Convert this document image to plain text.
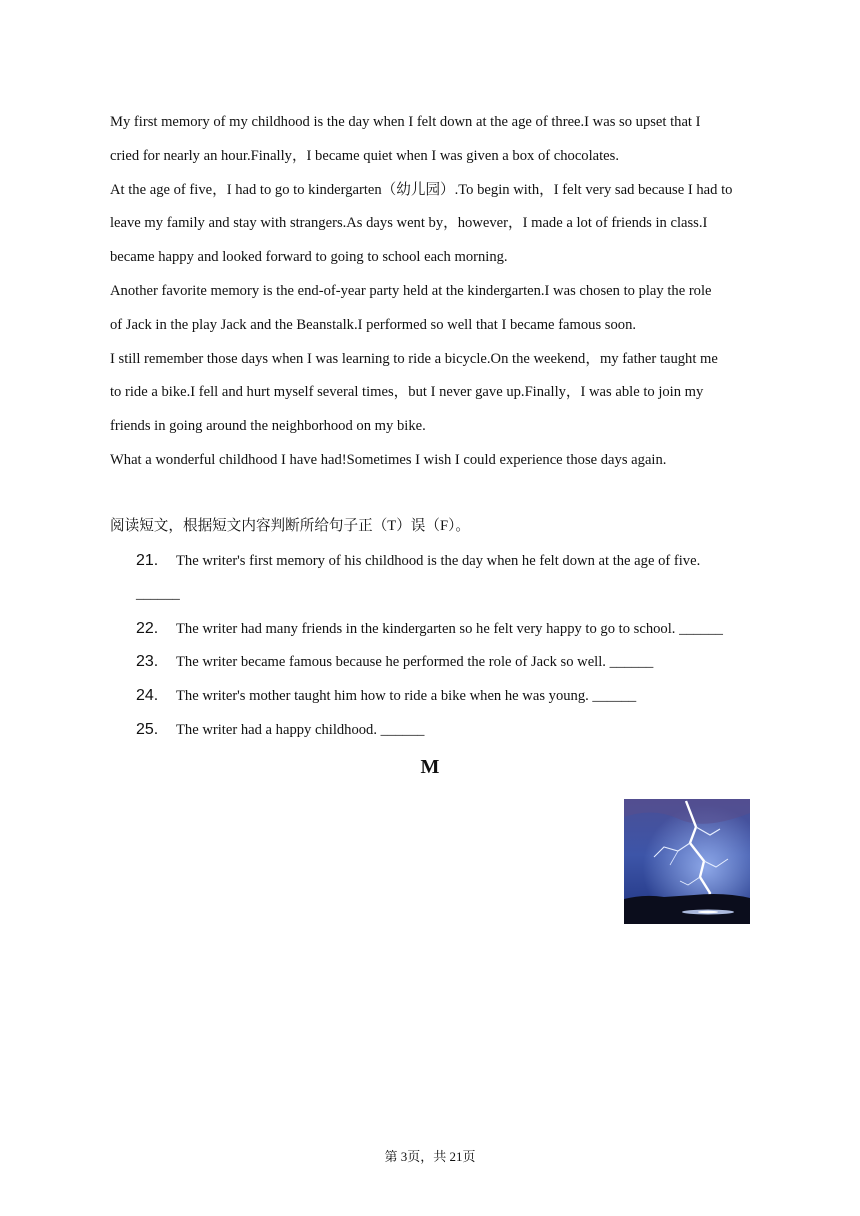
My first memory of my childhood is the day when I felt down at the age of three.I was so upset that I
cried for nearly an hour.Finally，I became quiet when I was given a box of chocolates.
At the age of five，I had to go to kindergarten（幼儿园）.To begin with，I felt very sad because I had to
leave my family and stay with strangers.As days went by，however，I made a lot of friends in class.I
became happy and looked forward to going to school each morning.
Another favorite memory is the end-of-year party held at the kindergarten.I was chosen to play the role
of Jack in the play Jack and the Beanstalk.I performed so well that I became famous soon.
I still remember those days when I was learning to ride a bicycle.On the weekend，my father taught me
to ride a bike.I fell and hurt myself several times，but I never gave up.Finally，I was able to join my
friends in going around the neighborhood on my bike.
What a wonderful childhood I have had!Sometimes I wish I could experience those days again.
阅读短文，根据短文内容判断所给句子正（T）误（F）。
21. The writer's first memory of his childhood is the day when he felt down at the age of five.
______
22. The writer had many friends in the kindergarten so he felt very happy to go to school. ______
23. The writer became famous because he performed the role of Jack so well. ______
24. The writer's mother taught him how to ride a bike when he was young. ______
25. The writer had a happy childhood. ______
M
第 3页，共 21页
